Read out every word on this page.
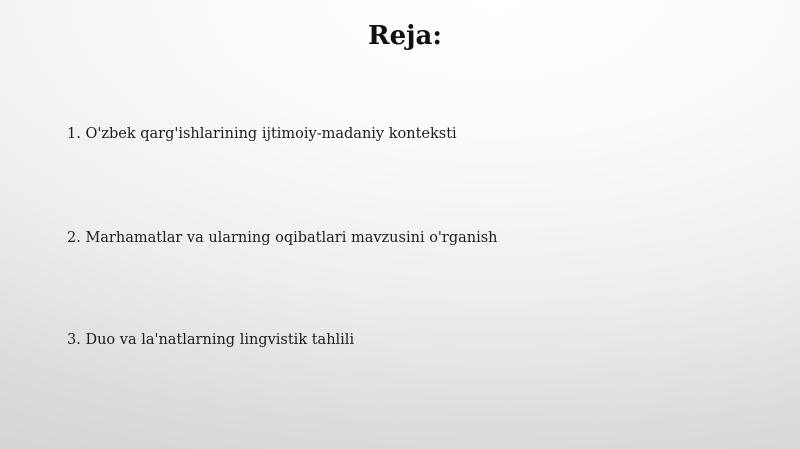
Reja:
1. O'zbek qarg'ishlarining ijtimoiy-madaniy konteksti
2. Marhamatlar va ularning oqibatlari mavzusini o'rganish
3. Duo va la'natlarning lingvistik tahlili
